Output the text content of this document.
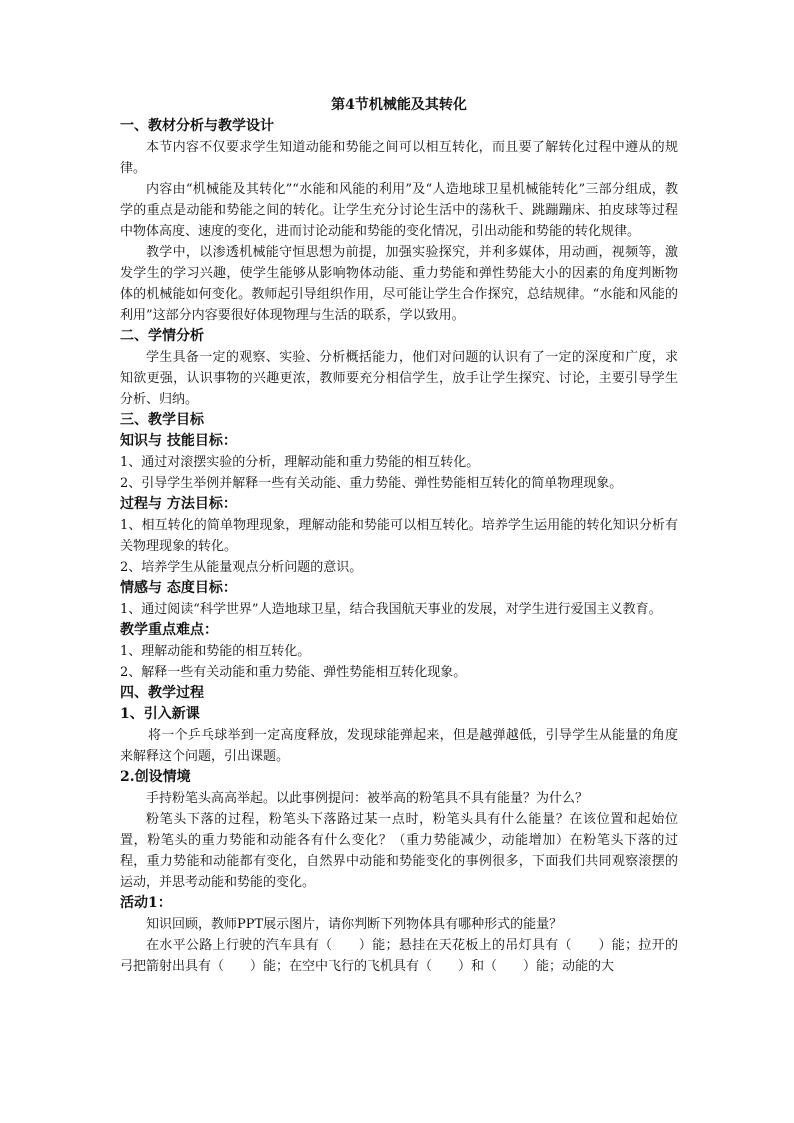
第4节机械能及其转化

一、教材分析与教学设计

本节内容不仅要求学生知道动能和势能之间可以相互转化，而且要了解转化过程中遵从的规律。

内容由“机械能及其转化”“水能和风能的利用”及“人造地球卫星机械能转化”三部分组成，教学的重点是动能和势能之间的转化。让学生充分讨论生活中的荡秋千、跳蹦蹦床、拍皮球等过程中物体高度、速度的变化，进而讨论动能和势能的变化情况，引出动能和势能的转化规律。

教学中，以渗透机械能守恒思想为前提，加强实验探究，并利多媒体，用动画，视频等，激发学生的学习兴趣，使学生能够从影响物体动能、重力势能和弹性势能大小的因素的角度判断物体的机械能如何变化。教师起引导组织作用，尽可能让学生合作探究，总结规律。“水能和风能的利用”这部分内容要很好体现物理与生活的联系，学以致用。

二、学情分析

学生具备一定的观察、实验、分析概括能力，他们对问题的认识有了一定的深度和广度，求知欲更强，认识事物的兴趣更浓，教师要充分相信学生，放手让学生探究、讨论，主要引导学生分析、归纳。

三、教学目标

知识与 技能目标：

1、通过对滚摆实验的分析，理解动能和重力势能的相互转化。

2、引导学生举例并解释一些有关动能、重力势能、弹性势能相互转化的简单物理现象。

过程与 方法目标：

1、相互转化的简单物理现象，理解动能和势能可以相互转化。培养学生运用能的转化知识分析有关物理现象的转化。

2、培养学生从能量观点分析问题的意识。

情感与 态度目标：

1、通过阅读“科学世界”人造地球卫星，结合我国航天事业的发展，对学生进行爱国主义教育。

教学重点难点：

1、理解动能和势能的相互转化。

2、解释一些有关动能和重力势能、弹性势能相互转化现象。

四、教学过程

1、引入新课

将一个乒乓球举到一定高度释放，发现球能弹起来，但是越弹越低，引导学生从能量的角度来解释这个问题，引出课题。

2.创设情境

手持粉笔头高高举起。以此事例提问：被举高的粉笔具不具有能量？为什么？

粉笔头下落的过程，粉笔头下落路过某一点时，粉笔头具有什么能量？在该位置和起始位置，粉笔头的重力势能和动能各有什么变化？（重力势能减少，动能增加）在粉笔头下落的过程，重力势能和动能都有变化，自然界中动能和势能变化的事例很多，下面我们共同观察滚摆的运动，并思考动能和势能的变化。

活动1：

知识回顾，教师PPT展示图片，请你判断下列物体具有哪种形式的能量？

在水平公路上行驶的汽车具有（　　）能；悬挂在天花板上的吊灯具有（　　）能；拉开的弓把箭射出具有（　　）能；在空中飞行的飞机具有（　　）和（　　）能；动能的大
